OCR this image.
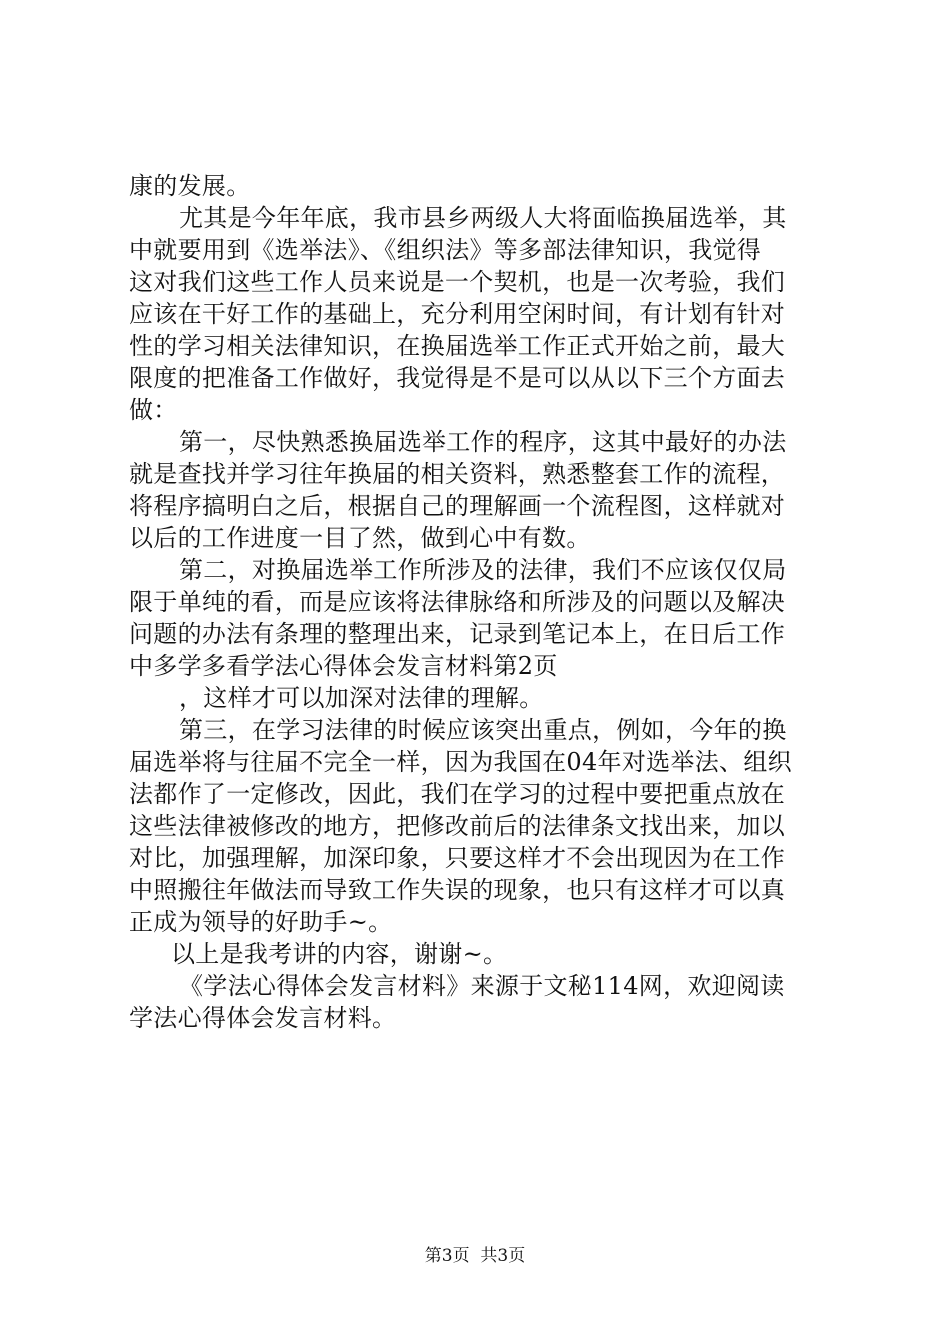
康的发展。
尤其是今年年底，我市县乡两级人大将面临换届选举，其
中就要用到《选举法》、《组织法》等多部法律知识，我觉得
这对我们这些工作人员来说是一个契机，也是一次考验，我们
应该在干好工作的基础上，充分利用空闲时间，有计划有针对
性的学习相关法律知识，在换届选举工作正式开始之前，最大
限度的把准备工作做好，我觉得是不是可以从以下三个方面去
做：
第一，尽快熟悉换届选举工作的程序，这其中最好的办法
就是查找并学习往年换届的相关资料，熟悉整套工作的流程，
将程序搞明白之后，根据自己的理解画一个流程图，这样就对
以后的工作进度一目了然，做到心中有数。
第二，对换届选举工作所涉及的法律，我们不应该仅仅局
限于单纯的看，而是应该将法律脉络和所涉及的问题以及解决
问题的办法有条理的整理出来，记录到笔记本上，在日后工作
中多学多看学法心得体会发言材料第2页
，这样才可以加深对法律的理解。
第三，在学习法律的时候应该突出重点，例如，今年的换
届选举将与往届不完全一样，因为我国在04年对选举法、组织
法都作了一定修改，因此，我们在学习的过程中要把重点放在
这些法律被修改的地方，把修改前后的法律条文找出来，加以
对比，加强理解，加深印象，只要这样才不会出现因为在工作
中照搬往年做法而导致工作失误的现象，也只有这样才可以真
正成为领导的好助手~。
以上是我考讲的内容，谢谢~。
《学法心得体会发言材料》来源于文秘114网，欢迎阅读
学法心得体会发言材料。
第3页  共3页
